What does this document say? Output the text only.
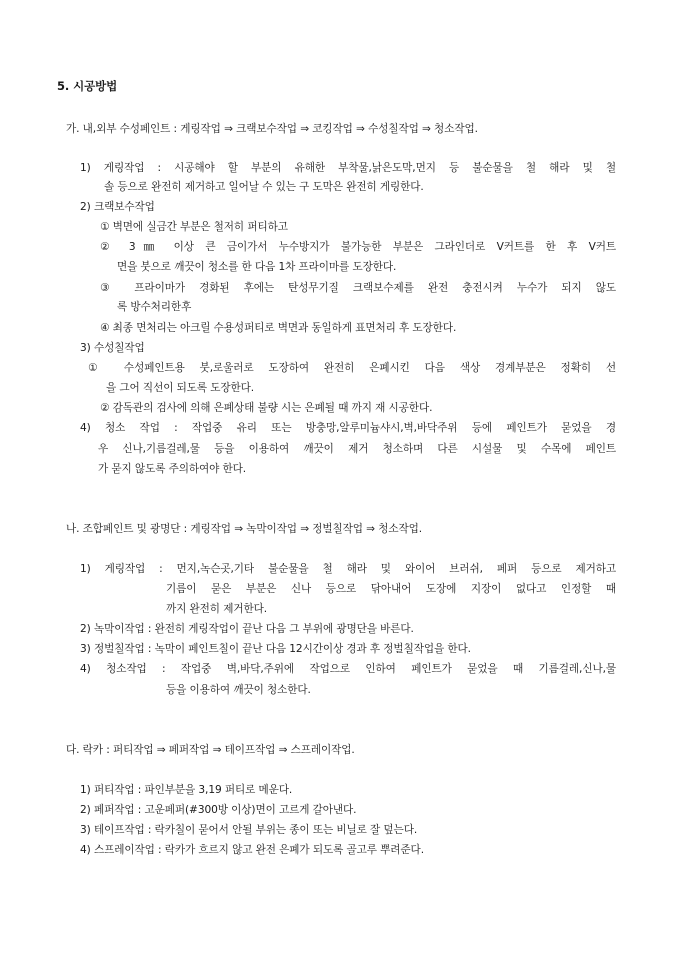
5. 시공방법
가. 내,외부 수성페인트 : 게링작업 ⇒ 크랙보수작업 ⇒ 코킹작업 ⇒ 수성칠작업 ⇒ 청소작업.
1) 게링작업 : 시공해야 할 부분의 유해한 부착물,낡은도막,먼지 등 불순물을 철 해라 및 철
솔 등으로 완전히 제거하고 일어날 수 있는 구 도막은 완전히 게링한다.
2) 크랙보수작업
① 벽면에 실금간 부분은 철저히 퍼티하고
② 3㎜ 이상 큰 금이가서 누수방지가 불가능한 부분은 그라인더로 V커트를 한 후 V커트
면을 붓으로 깨끗이 청소를 한 다음 1차 프라이마를 도장한다.
③ 프라이마가 경화된 후에는 탄성무기질 크랙보수제를 완전 충전시켜 누수가 되지 않도
록 방수처리한후
④ 최종 면처리는 아크릴 수용성퍼티로 벽면과 동일하게 표면처리 후 도장한다.
3) 수성칠작업
① 수성페인트용 붓,로울러로 도장하여 완전히 은폐시킨 다음 색상 경계부분은 정확히 선
을 그어 직선이 되도록 도장한다.
② 감독관의 검사에 의해 은폐상태 불량 시는 은폐될 때 까지 재 시공한다.
4) 청소 작업 : 작업중 유리 또는 방충망,알루미늄샤시,벽,바닥주위 등에 페인트가 묻었을 경
우 신나,기름걸레,물 등을 이용하여 깨끗이 제거 청소하며 다른 시설물 및 수목에 페인트
가 묻지 않도록 주의하여야 한다.
나. 조합페인트 및 광명단 : 게링작업 ⇒ 녹막이작업 ⇒ 정벌칠작업 ⇒ 청소작업.
1) 게링작업 : 먼지,녹슨곳,기타 불순물을 철 해라 및 와이어 브러쉬, 페퍼 등으로 제거하고
기름이 묻은 부분은 신나 등으로 닦아내어 도장에 지장이 없다고 인정할 때
까지 완전히 제거한다.
2) 녹막이작업 : 완전히 게링작업이 끝난 다음 그 부위에 광명단을 바른다.
3) 정벌칠작업 : 녹막이 페인트칠이 끝난 다음 12시간이상 경과 후 정벌칠작업을 한다.
4) 청소작업 : 작업중 벽,바닥,주위에 작업으로 인하여 페인트가 묻었을 때 기름걸레,신나,물
등을 이용하여 깨끗이 청소한다.
다. 락카 : 퍼티작업 ⇒ 페퍼작업 ⇒ 테이프작업 ⇒ 스프레이작업.
1) 퍼티작업 : 파인부분을 3,19 퍼티로 메운다.
2) 페퍼작업 : 고운페퍼(#300방 이상)면이 고르게 갈아낸다.
3) 테이프작업 : 락카칠이 묻어서 안될 부위는 종이 또는 비닐로 잘 덮는다.
4) 스프레이작업 : 락카가 흐르지 않고 완전 은폐가 되도록 골고루 뿌려준다.
